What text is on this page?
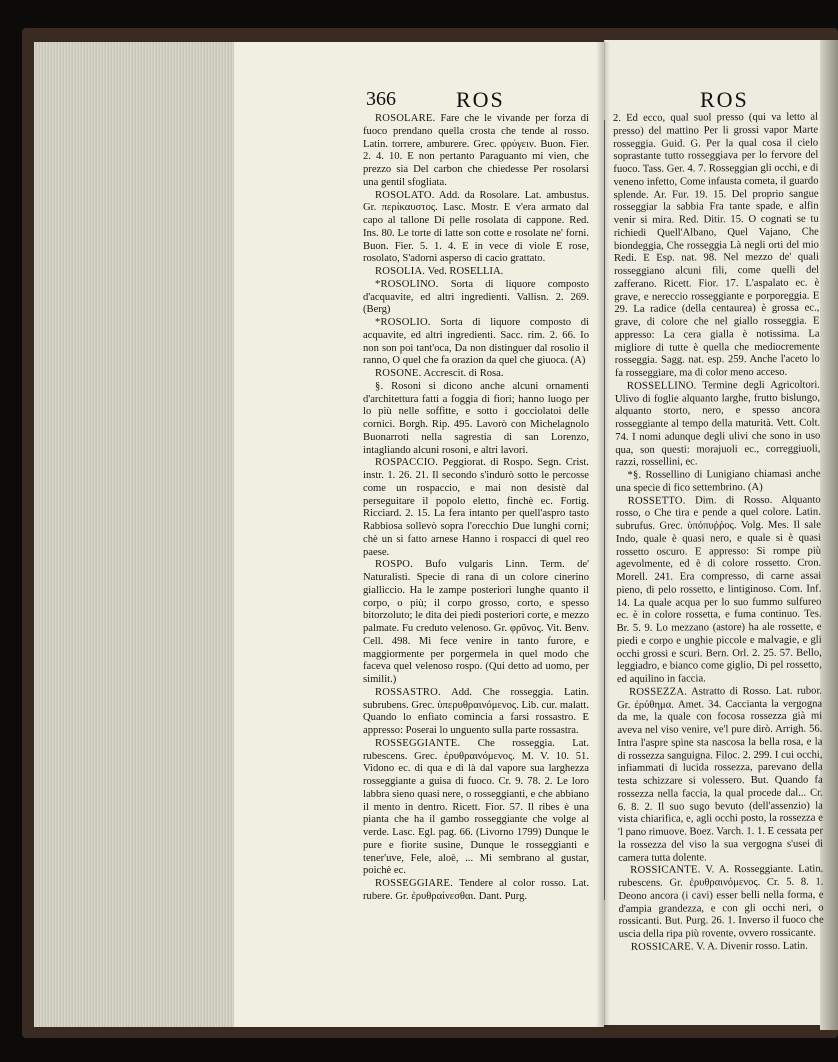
366	ROS	ROS

ROSOLARE. Fare che le vivande per forza di fuoco prendano quella crosta che tende al rosso. Latin. torrere, amburere. Grec. φρύγειν. Buon. Fier. 2. 4. 10. E non pertanto Paraguanto mi vien, che prezzo sia Del carbon che chiedesse Per rosolarsi una gentil sfogliata.

ROSOLATO. Add. da Rosolare. Lat. ambustus. Gr. περίκαυστος. Lasc. Mostr. E v'era armato dal capo al tallone Di pelle rosolata di cappone. Red. Ins. 80. Le torte di latte son cotte e rosolate ne' forni. Buon. Fier. 5. 1. 4. E in vece di viole E rose, rosolato, S'adornì asperso di cacio grattato.

ROSOLIA. Ved. ROSELLIA.

*ROSOLINO. Sorta di liquore composto d'acquavite, ed altri ingredienti. Vallisn. 2. 269. (Berg)

*ROSOLIO. Sorta di liquore composto di acquavite, ed altri ingredienti. Sacc. rim. 2. 66. Io non son poi tant'oca, Da non distinguer dal rosolio il ranno, O quel che fa orazion da quel che giuoca. (A)

ROSONE. Accrescit. di Rosa.

§. Rosoni si dicono anche alcuni ornamenti d'architettura fatti a foggia di fiori; hanno luogo per lo più nelle soffitte, e sotto i gocciolatoi delle cornici. Borgh. Rip. 495. Lavorò con Michelagnolo Buonarroti nella sagrestia di san Lorenzo, intagliando alcuni rosoni, e altri lavori.

ROSPACCIO. Peggiorat. di Rospo. Segn. Crist. instr. 1. 26. 21. Il secondo s'indurò sotto le percosse come un rospaccio, e mai non desistè dal perseguitare il popolo eletto, finchè ec. Fortig. Ricciard. 2. 15. La fera intanto per quell'aspro tasto Rabbiosa sollevò sopra l'orecchio Due lunghi corni; chè un sì fatto arnese Hanno i rospacci di quel reo paese.

ROSPO. Bufo vulgaris Linn. Term. de' Naturalisti. Specie di rana di un colore cinerino gialliccio. Ha le zampe posteriori lunghe quanto il corpo, o più; il corpo grosso, corto, e spesso bitorzoluto; le dita dei piedi posteriori corte, e mezzo palmate. Fu creduto velenoso. Gr. φρῦνος. Vit. Benv. Cell. 498. Mi fece venire in tanto furore, e maggiormente per porgermela in quel modo che faceva quel velenoso rospo. (Qui detto ad uomo, per similit.)

ROSSASTRO. Add. Che rosseggia. Latin. subrubens. Grec. ὑπερυθραινόμενος. Lib. cur. malatt. Quando lo enfiato comincia a farsi rossastro. E appresso: Poserai lo unguento sulla parte rossastra.

ROSSEGGIANTE. Che rosseggia. Lat. rubescens. Grec. ἐρυθραινόμενος. M. V. 10. 51. Vidono ec. di qua e di là dal vapore sua larghezza rosseggiante a guisa di fuoco. Cr. 9. 78. 2. Le loro labbra sieno quasi nere, o rosseggianti, e che abbiano il mento in dentro. Ricett. Fior. 57. Il ribes è una pianta che ha il gambo rosseggiante che volge al verde. Lasc. Egl. pag. 66. (Livorno 1799) Dunque le pure e fiorite susine, Dunque le rosseggianti e tener'uve, Fele, aloè, ... Mi sembrano al gustar, poichè ec.

ROSSEGGIARE. Tendere al color rosso. Lat. rubere. Gr. ἐρυθραίνεσθαι. Dant. Purg.

2. Ed ecco, qual suol presso (qui va letto al presso) del mattino Per li grossi vapor Marte rosseggia. Guid. G. Per la qual cosa il cielo soprastante tutto rosseggiava per lo fervore del fuoco. Tass. Ger. 4. 7. Rosseggian gli occhi, e di veneno infetto, Come infausta cometa, il guardo splende. Ar. Fur. 19. 15. Del proprio sangue rosseggiar la sabbia Fra tante spade, e alfin venir si mira. Red. Ditir. 15. O cognati se tu richiedi Quell'Albano, Quel Vajano, Che biondeggia, Che rosseggia Là negli orti del mio Redi. E Esp. nat. 98. Nel mezzo de' quali rosseggiano alcuni fili, come quelli del zafferano. Ricett. Fior. 17. L'aspalato ec. è grave, e nereccio rosseggiante e porporeggia. E 29. La radice (della centaurea) è grossa ec., grave, di colore che nel giallo rosseggia. E appresso: La cera gialla è notissima. La migliore di tutte è quella che mediocremente rosseggia. Sagg. nat. esp. 259. Anche l'aceto lo fa rosseggiare, ma di color meno acceso.

ROSSELLINO. Termine degli Agricoltori. Ulivo di foglie alquanto larghe, frutto bislungo, alquanto storto, nero, e spesso ancora rosseggiante al tempo della maturità. Vett. Colt. 74. I nomi adunque degli ulivi che sono in uso qua, son questi: morajuoli ec., correggiuoli, razzi, rossellini, ec.

*§. Rossellino di Lunigiano chiamasi anche una specie di fico settembrino. (A)

ROSSETTO. Dim. di Rosso. Alquanto rosso, o Che tira e pende a quel colore. Latin. subrufus. Grec. ὑπόπυῤῥος. Volg. Mes. Il sale Indo, quale è quasi nero, e quale si è quasi rossetto oscuro. E appresso: Si rompe più agevolmente, ed è di colore rossetto. Cron. Morell. 241. Era compresso, di carne assai pieno, di pelo rossetto, e lintiginoso. Com. Inf. 14. La quale acqua per lo suo fummo sulfureo ec. è in colore rossetta, e fuma continuo. Tes. Br. 5. 9. Lo mezzano (astore) ha ale rossette, e piedi e corpo e unghie piccole e malvagie, e gli occhi grossi e scuri. Bern. Orl. 2. 25. 57. Bello, leggiadro, e bianco come giglio, Di pel rossetto, ed aquilino in faccia.

ROSSEZZA. Astratto di Rosso. Lat. rubor. Gr. ἐρύθημα. Amet. 34. Caccianta la vergogna da me, la quale con focosa rossezza già mi aveva nel viso venire, ve'l pure dirò. Arrigh. 56. Intra l'aspre spine sta nascosa la bella rosa, e la di rossezza sanguigna. Filoc. 2. 299. I cui occhi, infiammati di lucida rossezza, parevano della testa schizzare si volessero. But. Quando fa rossezza nella faccia, la qual procede dal... Cr. 6. 8. 2. Il suo sugo bevuto (dell'assenzio) la vista chiarifica, e, agli occhi posto, la rossezza e 'l pano rimuove. Boez. Varch. 1. 1. E cessata per la rossezza del viso la sua vergogna s'usei di camera tutta dolente.

ROSSICANTE. V. A. Rosseggiante. Latin. rubescens. Gr. ἐρυθραινόμενος. Cr. 5. 8. 1. Deono ancora (i cavi) esser belli nella forma, e d'ampia grandezza, e con gli occhi neri, o rossicanti. But. Purg. 26. 1. Inverso il fuoco che uscia della ripa più rovente, ovvero rossicante.

ROSSICARE. V. A. Divenir rosso. Latin.
